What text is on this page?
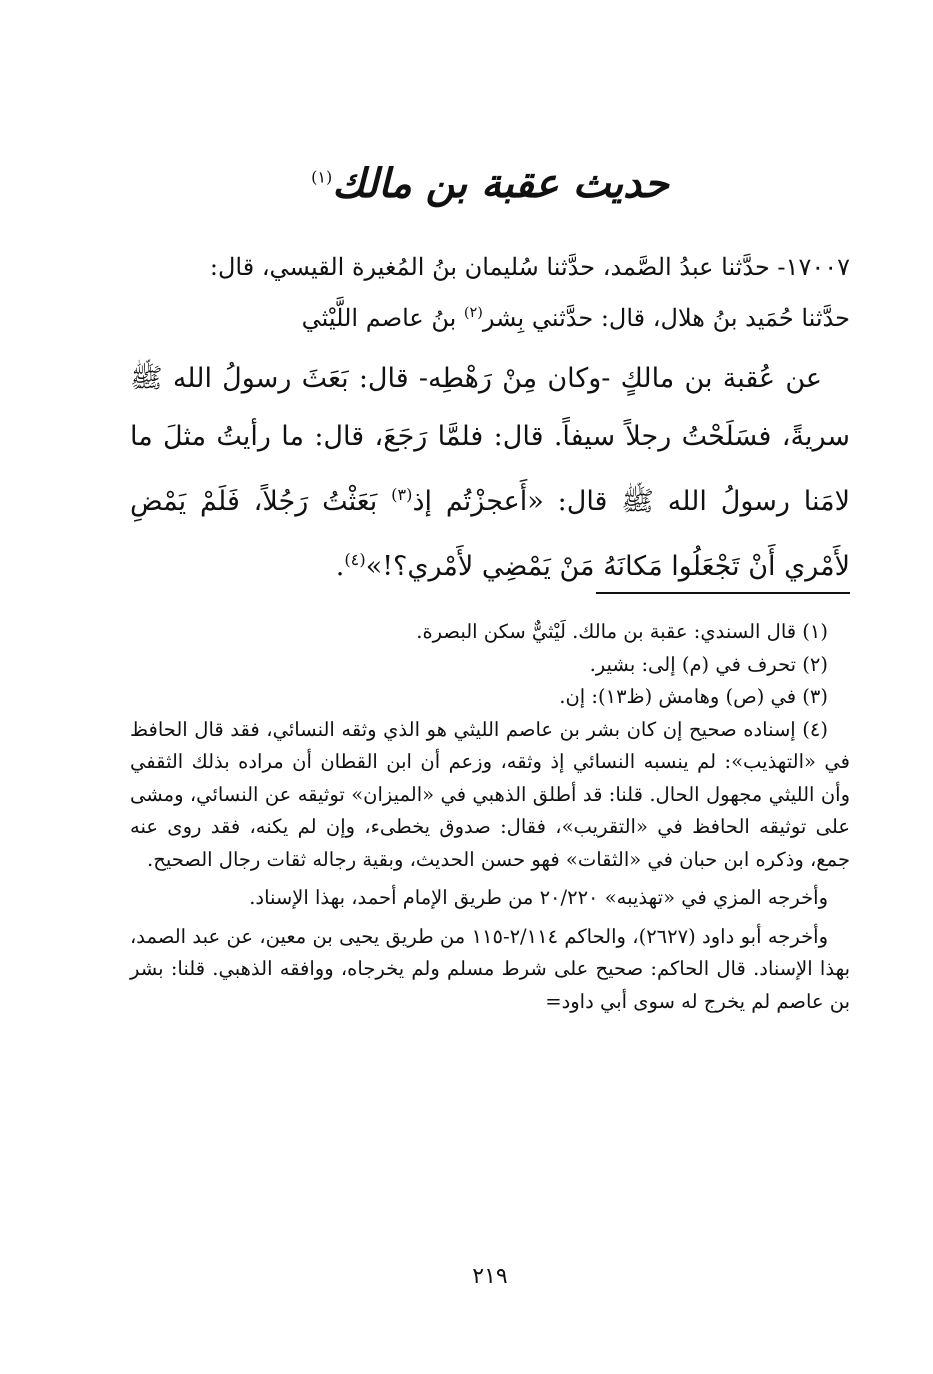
حديث عقبة بن مالك$^{(١)}$

١٧٠٠٧- حدَّثنا عبدُ الصَّمد، حدَّثنا سُليمان بنُ المُغيرة القيسي، قال:

حدَّثنا حُمَيد بنُ هلال، قال: حدَّثني بِشر$^{(٢)}$ بنُ عاصم اللَّيْثي

عن عُقبة بن مالكٍ -وكان مِنْ رَهْطِه- قال: بَعَثَ رسولُ الله ﷺ سريةً، فسَلَحْتُ رجلاً سيفاً. قال: فلمَّا رَجَعَ، قال: ما رأيتُ مثلَ ما لامَنا رسولُ الله ﷺ قال: «أَعجزْتُم إذ$^{(٣)}$ بَعَثْتُ رَجُلاً، فَلَمْ يَمْضِ لأَمْري أَنْ تَجْعَلُوا مَكانَهُ مَنْ يَمْضِي لأَمْري؟!»$^{(٤)}$.

(١) قال السندي: عقبة بن مالك. لَيْثيٌّ سكن البصرة.

(٢) تحرف في (م) إلى: بشير.

(٣) في (ص) وهامش (ظ١٣): إن.

(٤) إسناده صحيح إن كان بشر بن عاصم الليثي هو الذي وثقه النسائي، فقد قال الحافظ في «التهذيب»: لم ينسبه النسائي إذ وثقه، وزعم أن ابن القطان أن مراده بذلك الثقفي وأن الليثي مجهول الحال. قلنا: قد أطلق الذهبي في «الميزان» توثيقه عن النسائي، ومشى على توثيقه الحافظ في «التقريب»، فقال: صدوق يخطىء، وإن لم يكنه، فقد روى عنه جمع، وذكره ابن حبان في «الثقات» فهو حسن الحديث، وبقية رجاله ثقات رجال الصحيح.

وأخرجه المزي في «تهذيبه» ٢٠/٢٢٠ من طريق الإمام أحمد، بهذا الإسناد.

وأخرجه أبو داود (٢٦٢٧)، والحاكم ٢/١١٤-١١٥ من طريق يحيى بن معين، عن عبد الصمد، بهذا الإسناد. قال الحاكم: صحيح على شرط مسلم ولم يخرجاه، ووافقه الذهبي. قلنا: بشر بن عاصم لم يخرج له سوى أبي داود=

٢١٩
